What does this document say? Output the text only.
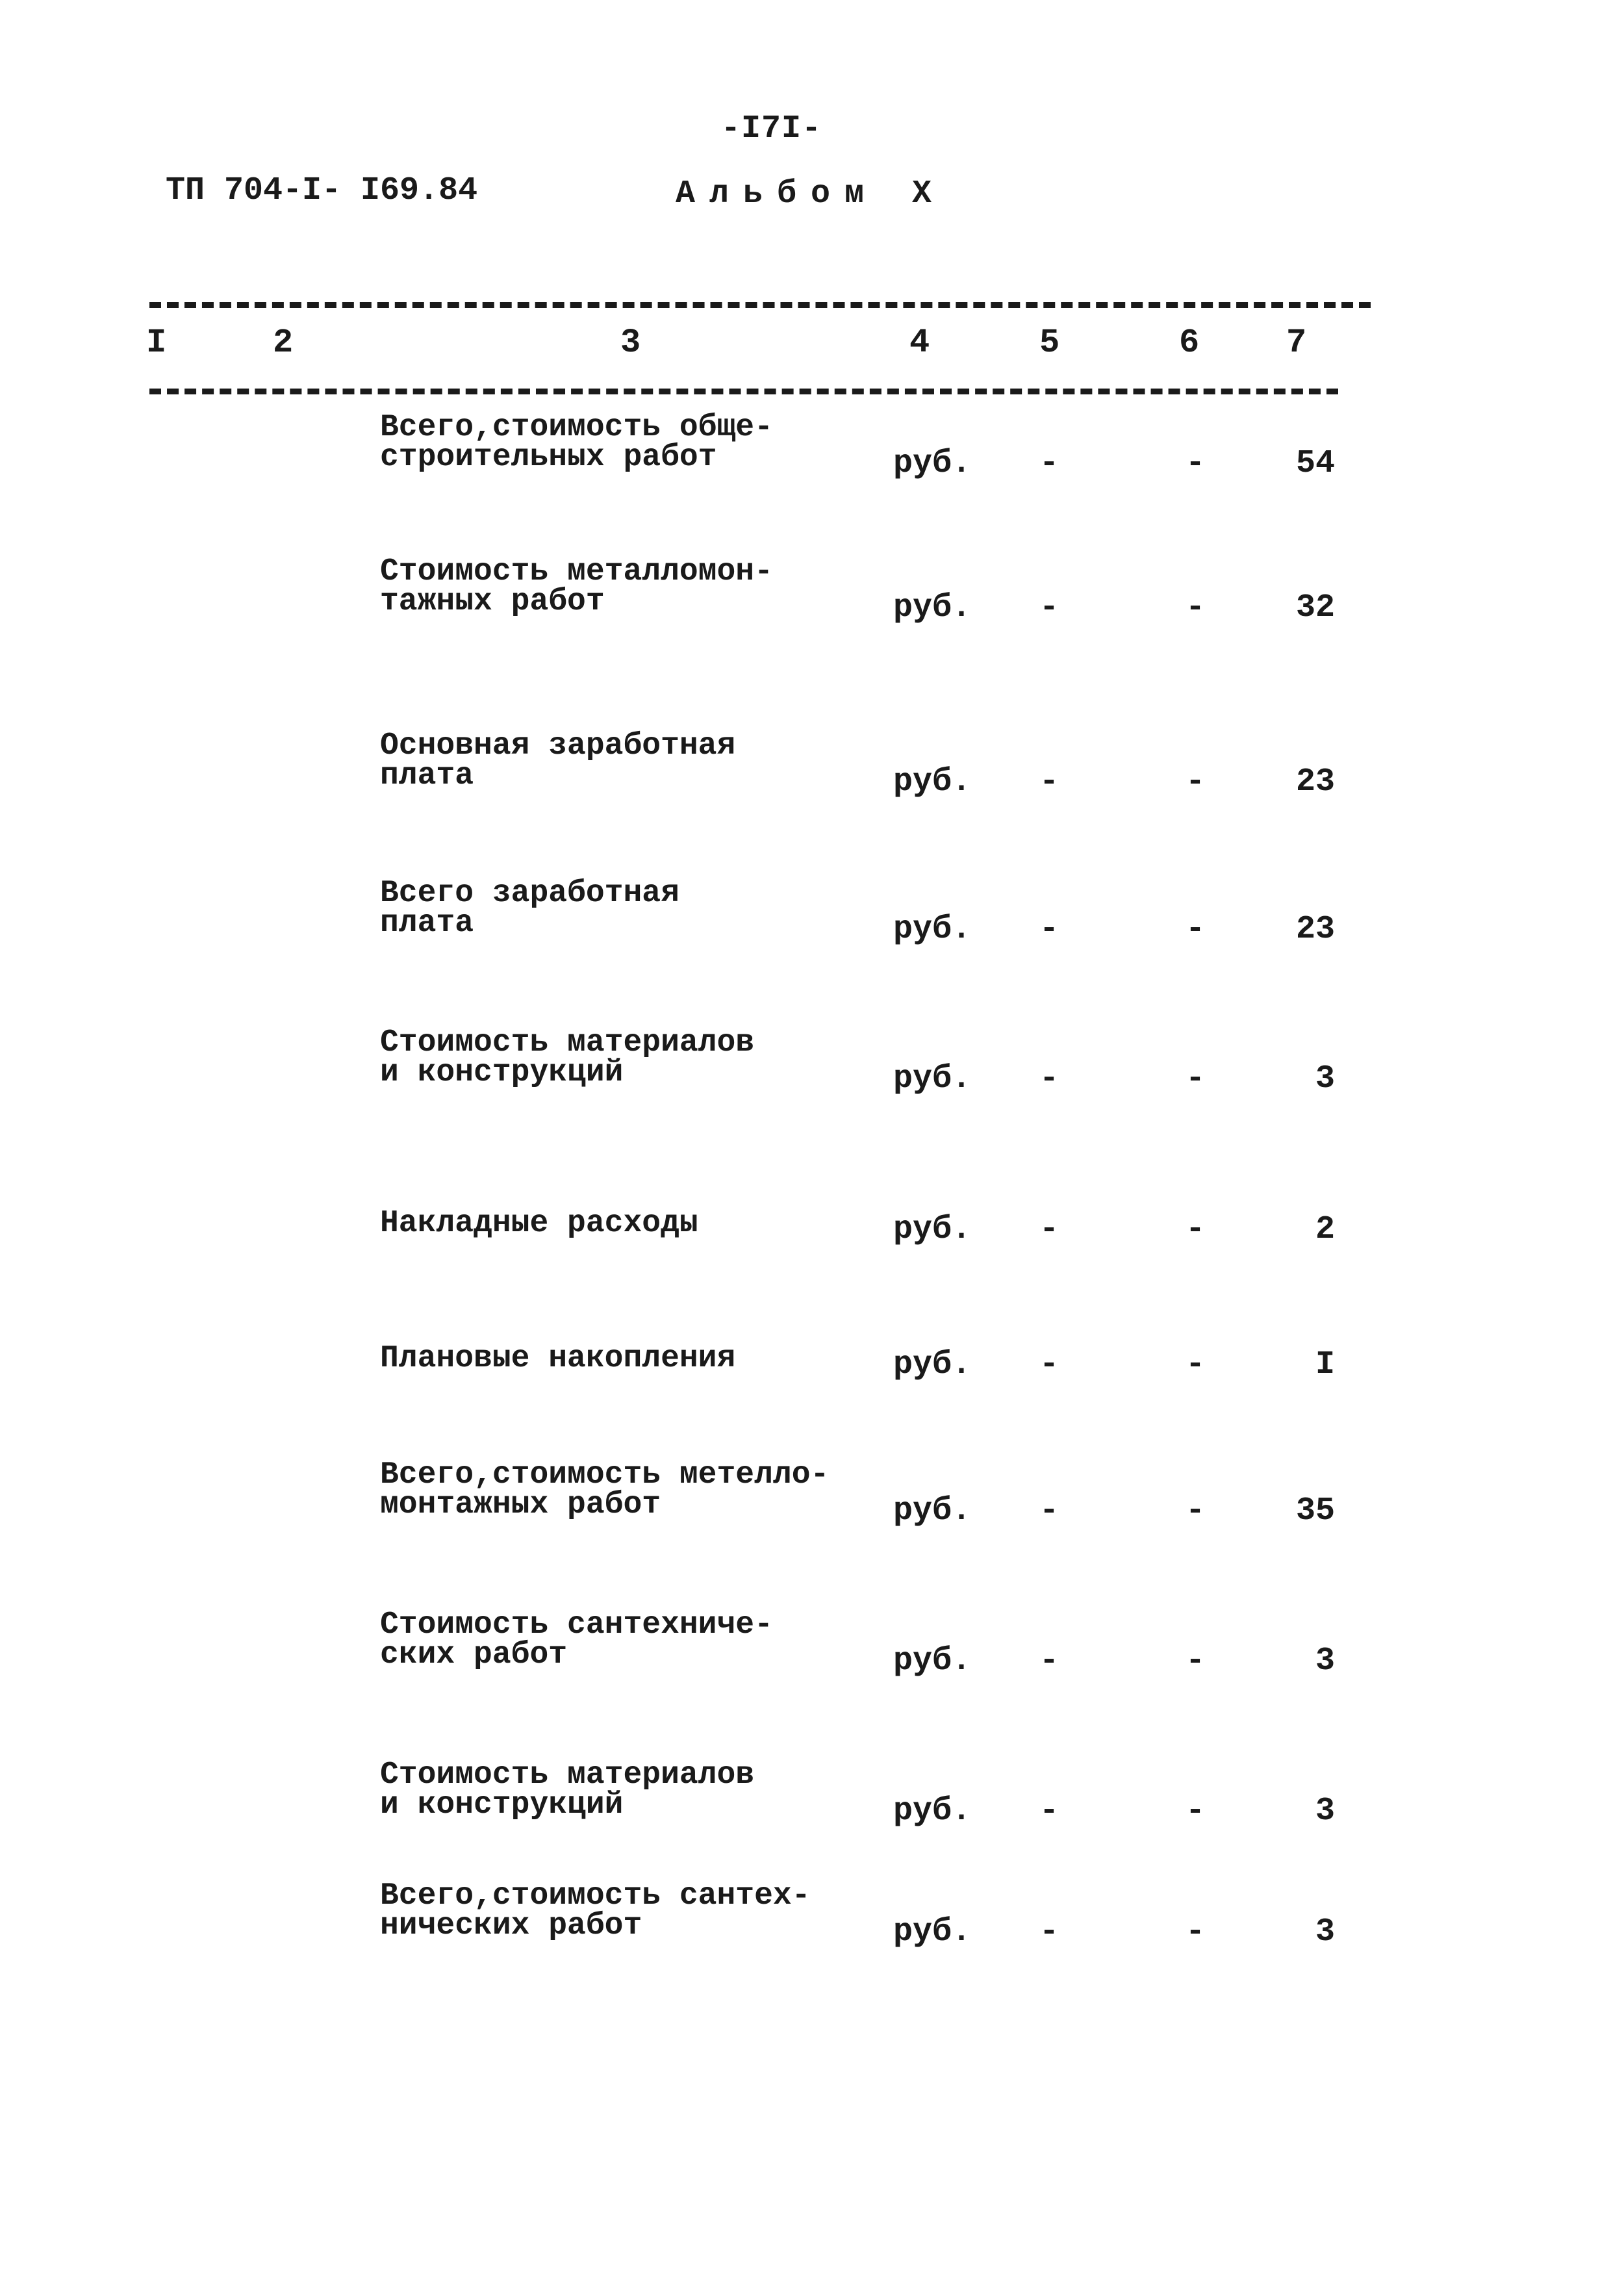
-I7I-
ТП 704-I- I69.84	Альбом X
I	2	3	4	5	6	7
Всего,стоимость обще-
строительных работ	руб. -	-	54
Стоимость металломон-
тажных работ	руб. -	-	32
Основная заработная
плата	руб. -	-	23
Всего заработная
плата	руб. -	-	23
Стоимость материалов
и конструкций	руб. -	-	3
Накладные расходы	руб. -	-	2
Плановые накопления	руб. -	-	I
Всего,стоимость метелло-
монтажных работ	руб. -	-	35
Стоимость сантехниче-
ских работ	руб. -	-	3
Стоимость материалов
и конструкций	руб. -	-	3
Всего,стоимость сантех-
нических работ	руб. -	-	3
